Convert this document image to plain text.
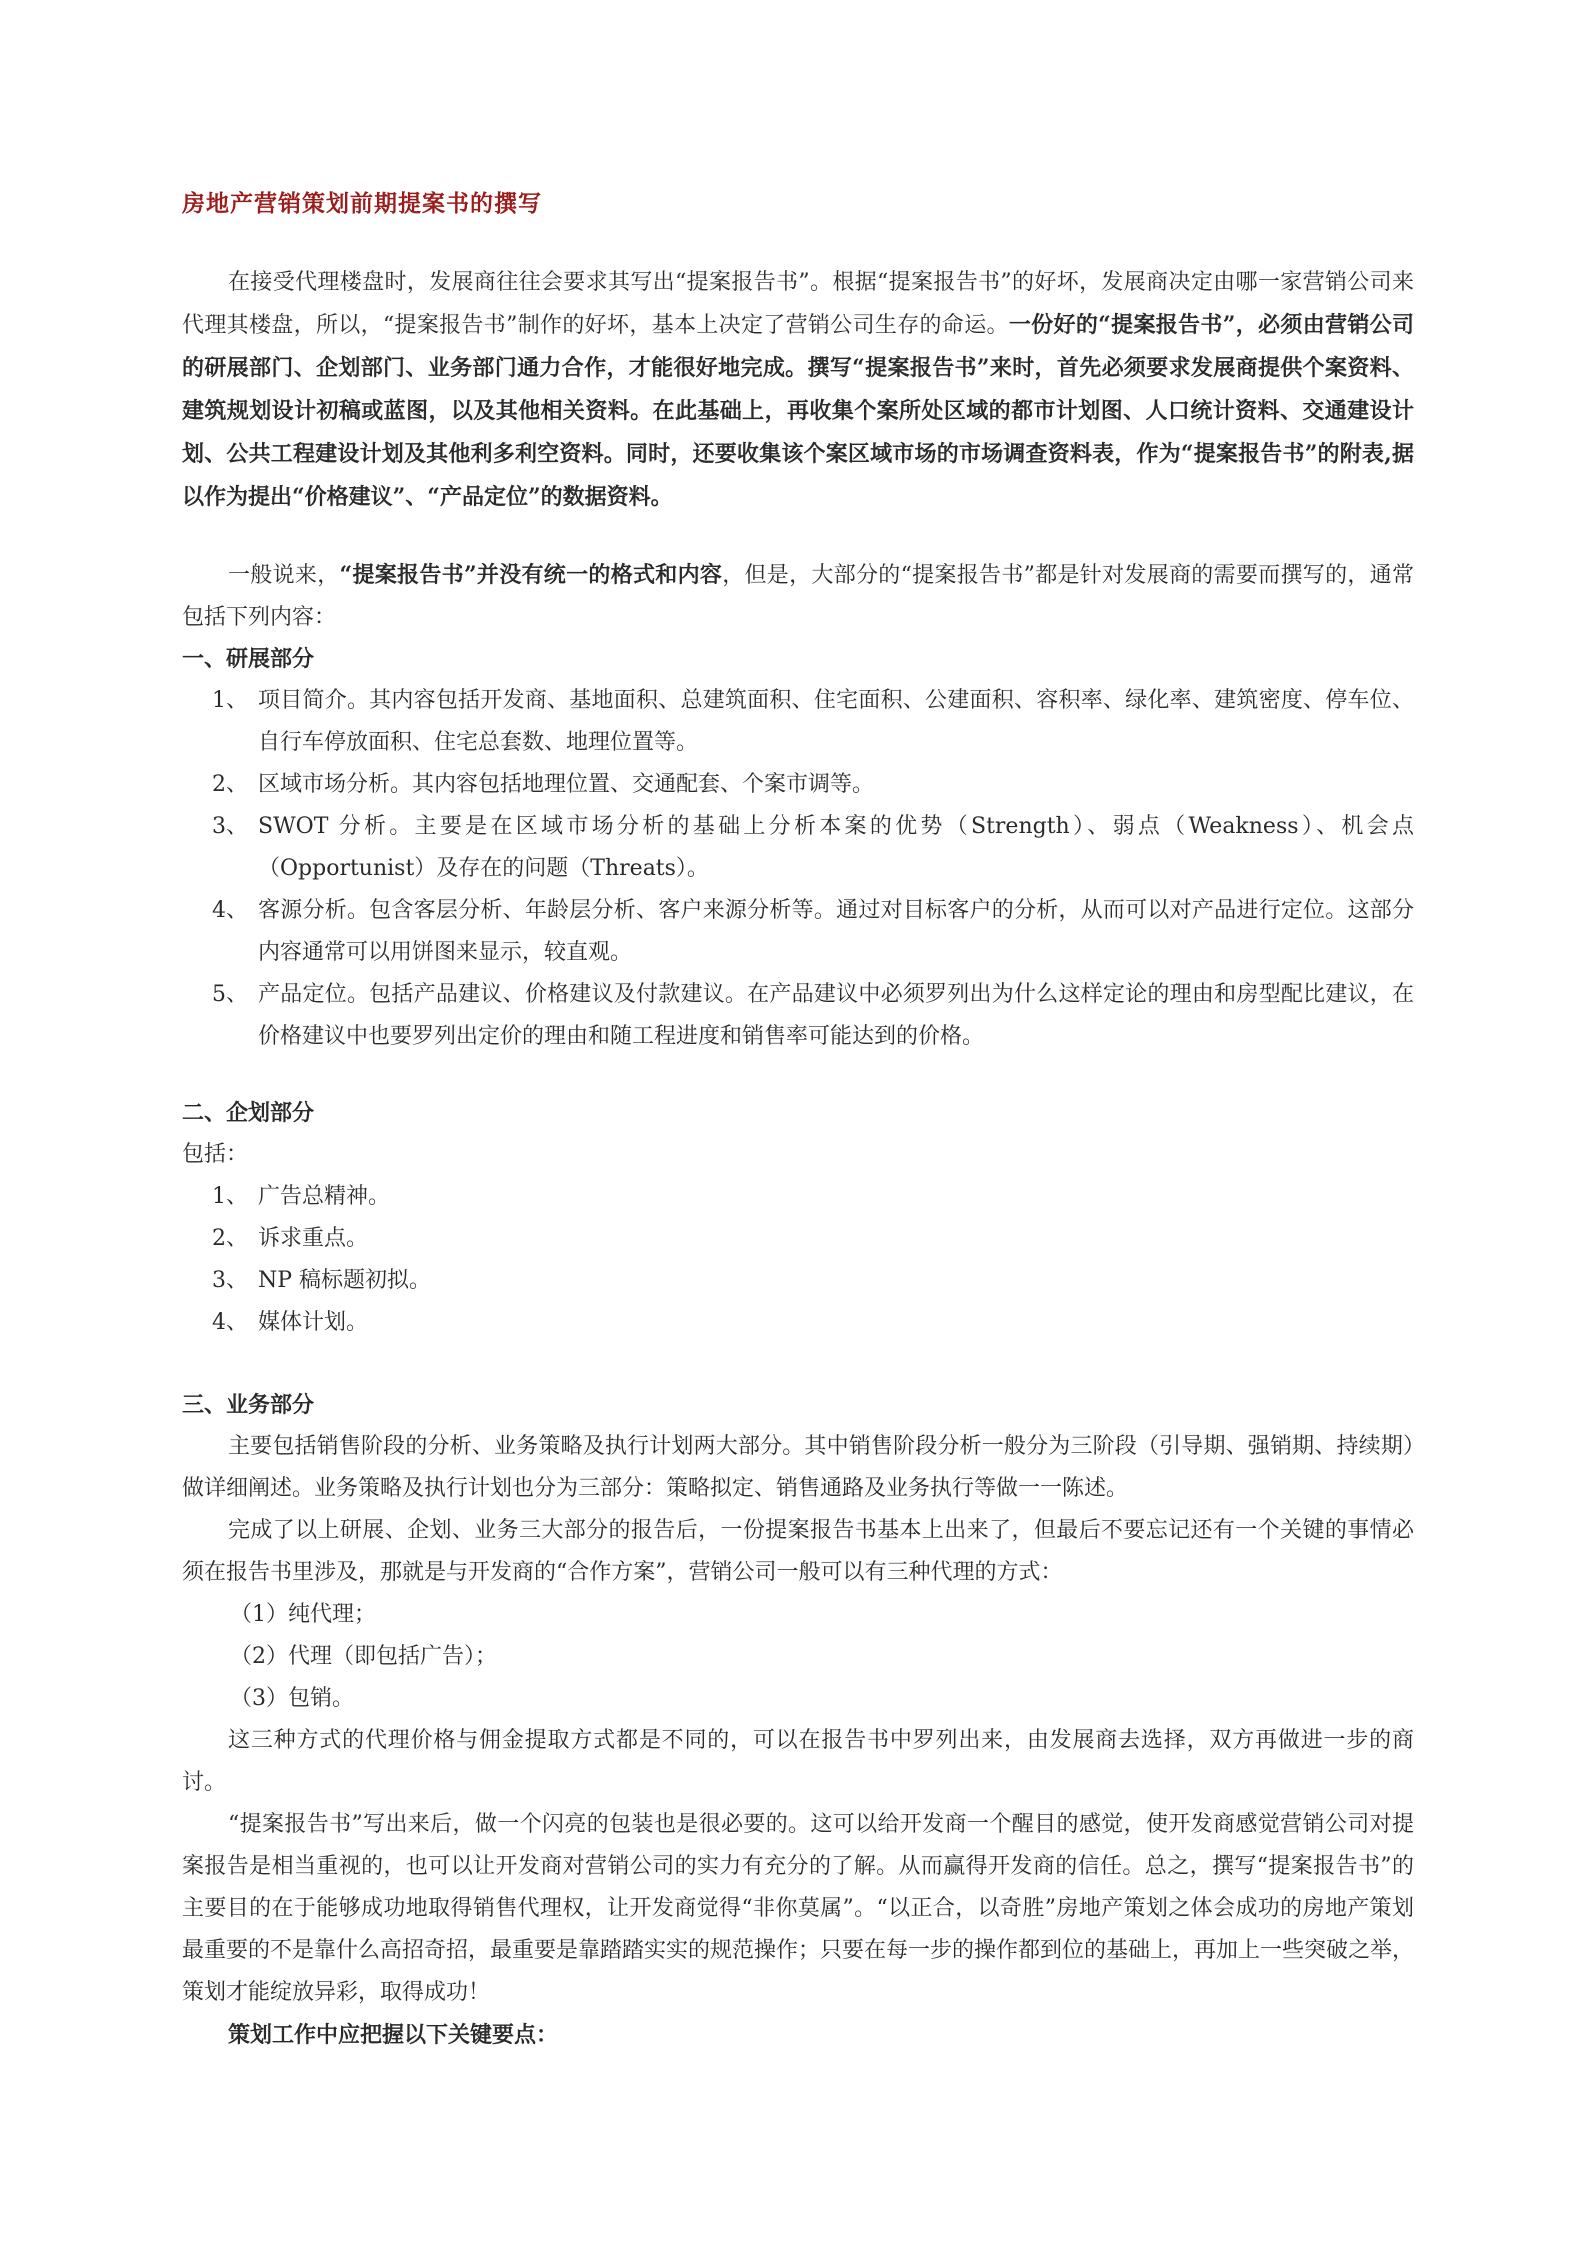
房地产营销策划前期提案书的撰写

在接受代理楼盘时，发展商往往会要求其写出“提案报告书”。根据“提案报告书”的好坏，发展商决定由哪一家营销公司来代理其楼盘，所以，“提案报告书”制作的好坏，基本上决定了营销公司生存的命运。一份好的“提案报告书”，必须由营销公司的研展部门、企划部门、业务部门通力合作，才能很好地完成。撰写“提案报告书”来时，首先必须要求发展商提供个案资料、建筑规划设计初稿或蓝图，以及其他相关资料。在此基础上，再收集个案所处区域的都市计划图、人口统计资料、交通建设计划、公共工程建设计划及其他利多利空资料。同时，还要收集该个案区域市场的市场调查资料表，作为“提案报告书”的附表,据以作为提出“价格建议”、“产品定位”的数据资料。

一般说来，“提案报告书”并没有统一的格式和内容，但是，大部分的“提案报告书”都是针对发展商的需要而撰写的，通常包括下列内容：

一、研展部分

1、 项目简介。其内容包括开发商、基地面积、总建筑面积、住宅面积、公建面积、容积率、绿化率、建筑密度、停车位、自行车停放面积、住宅总套数、地理位置等。
2、 区域市场分析。其内容包括地理位置、交通配套、个案市调等。
3、 SWOT 分析。主要是在区域市场分析的基础上分析本案的优势（Strength）、弱点（Weakness）、机会点（Opportunist）及存在的问题（Threats）。
4、 客源分析。包含客层分析、年龄层分析、客户来源分析等。通过对目标客户的分析，从而可以对产品进行定位。这部分内容通常可以用饼图来显示，较直观。
5、 产品定位。包括产品建议、价格建议及付款建议。在产品建议中必须罗列出为什么这样定论的理由和房型配比建议，在价格建议中也要罗列出定价的理由和随工程进度和销售率可能达到的价格。

二、企划部分

包括：

1、 广告总精神。
2、 诉求重点。
3、 NP 稿标题初拟。
4、 媒体计划。

三、业务部分

主要包括销售阶段的分析、业务策略及执行计划两大部分。其中销售阶段分析一般分为三阶段（引导期、强销期、持续期）做详细阐述。业务策略及执行计划也分为三部分：策略拟定、销售通路及业务执行等做一一陈述。

完成了以上研展、企划、业务三大部分的报告后，一份提案报告书基本上出来了，但最后不要忘记还有一个关键的事情必须在报告书里涉及，那就是与开发商的“合作方案”，营销公司一般可以有三种代理的方式：

（1）纯代理；

（2）代理（即包括广告）；

（3）包销。

这三种方式的代理价格与佣金提取方式都是不同的，可以在报告书中罗列出来，由发展商去选择，双方再做进一步的商讨。

“提案报告书”写出来后，做一个闪亮的包装也是很必要的。这可以给开发商一个醒目的感觉，使开发商感觉营销公司对提案报告是相当重视的，也可以让开发商对营销公司的实力有充分的了解。从而赢得开发商的信任。总之，撰写“提案报告书”的主要目的在于能够成功地取得销售代理权，让开发商觉得“非你莫属”。“以正合，以奇胜”房地产策划之体会成功的房地产策划最重要的不是靠什么高招奇招，最重要是靠踏踏实实的规范操作；只要在每一步的操作都到位的基础上，再加上一些突破之举，策划才能绽放异彩，取得成功！

策划工作中应把握以下关键要点：
